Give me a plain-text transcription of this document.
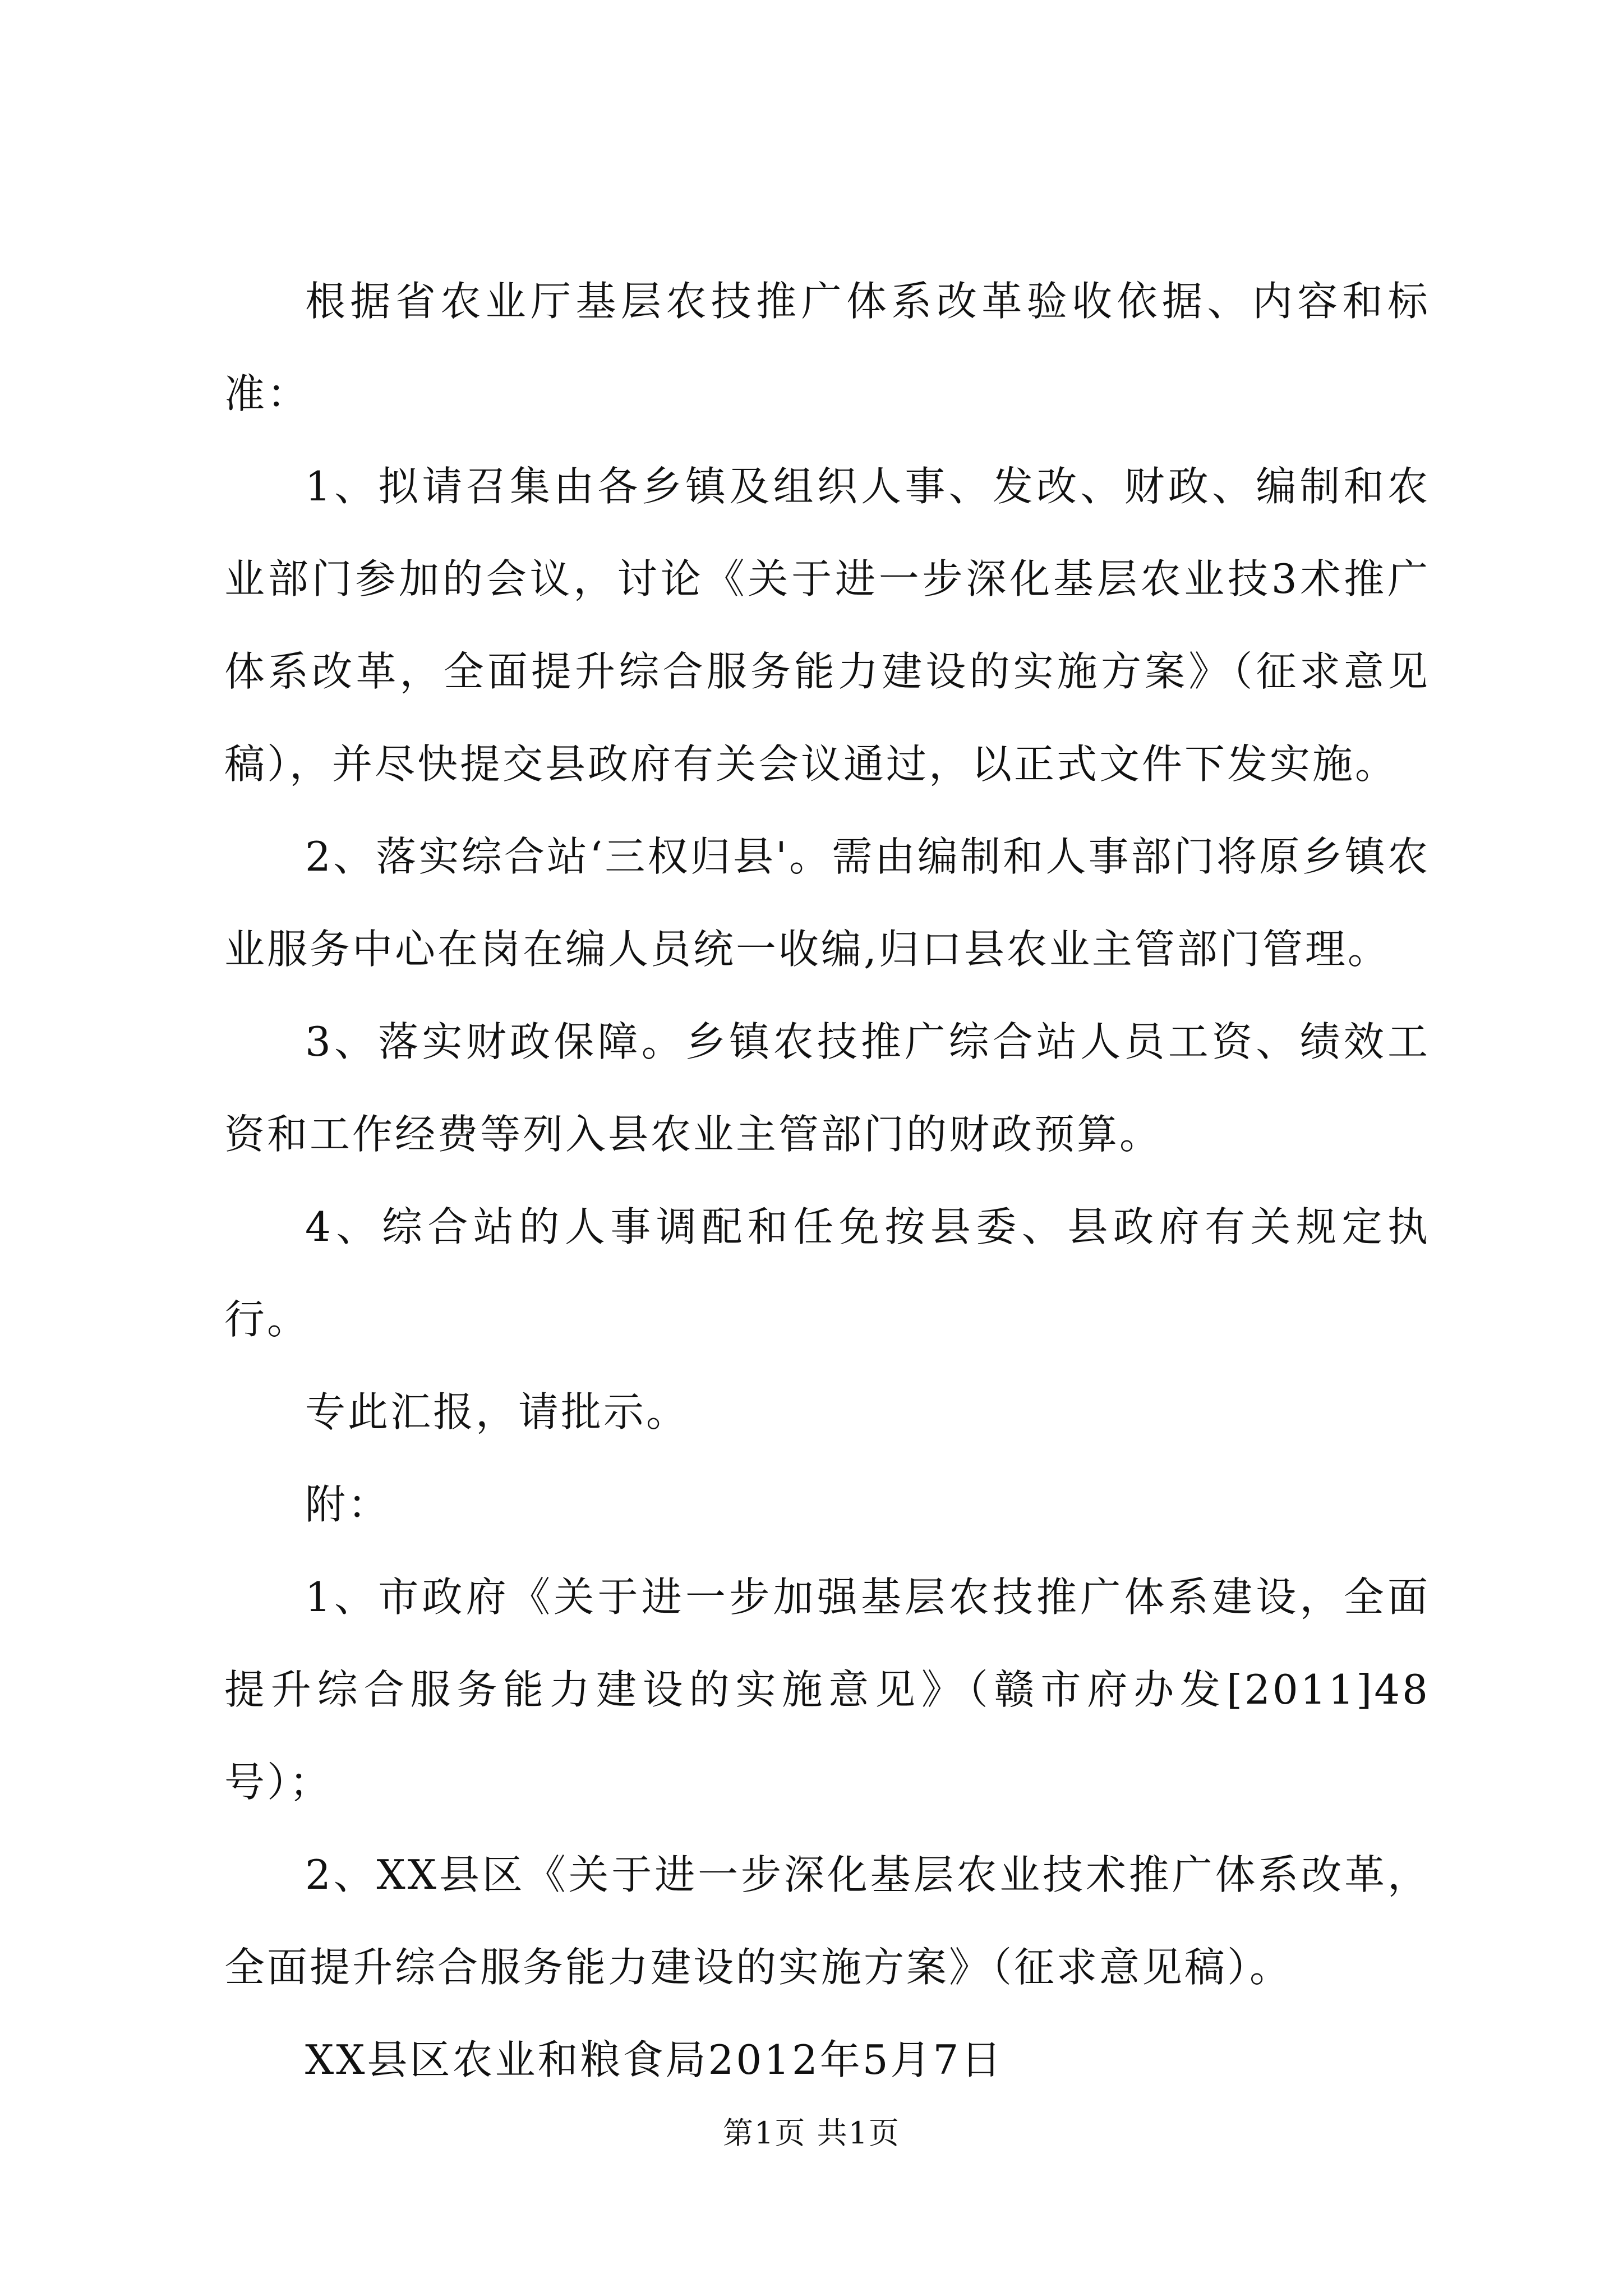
根据省农业厅基层农技推广体系改革验收依据、内容和标准：

1、拟请召集由各乡镇及组织人事、发改、财政、编制和农业部门参加的会议，讨论《关于进一步深化基层农业技3术推广体系改革，全面提升综合服务能力建设的实施方案》（征求意见稿），并尽快提交县政府有关会议通过，以正式文件下发实施。

2、落实综合站‘三权归县'。需由编制和人事部门将原乡镇农业服务中心在岗在编人员统一收编,归口县农业主管部门管理。

3、落实财政保障。乡镇农技推广综合站人员工资、绩效工资和工作经费等列入县农业主管部门的财政预算。

4、综合站的人事调配和任免按县委、县政府有关规定执行。

专此汇报，请批示。

附：

1、市政府《关于进一步加强基层农技推广体系建设，全面提升综合服务能力建设的实施意见》（赣市府办发[2011]48号）；

2、XX县区《关于进一步深化基层农业技术推广体系改革，全面提升综合服务能力建设的实施方案》（征求意见稿）。

XX县区农业和粮食局2012年5月7日

第1页 共1页
